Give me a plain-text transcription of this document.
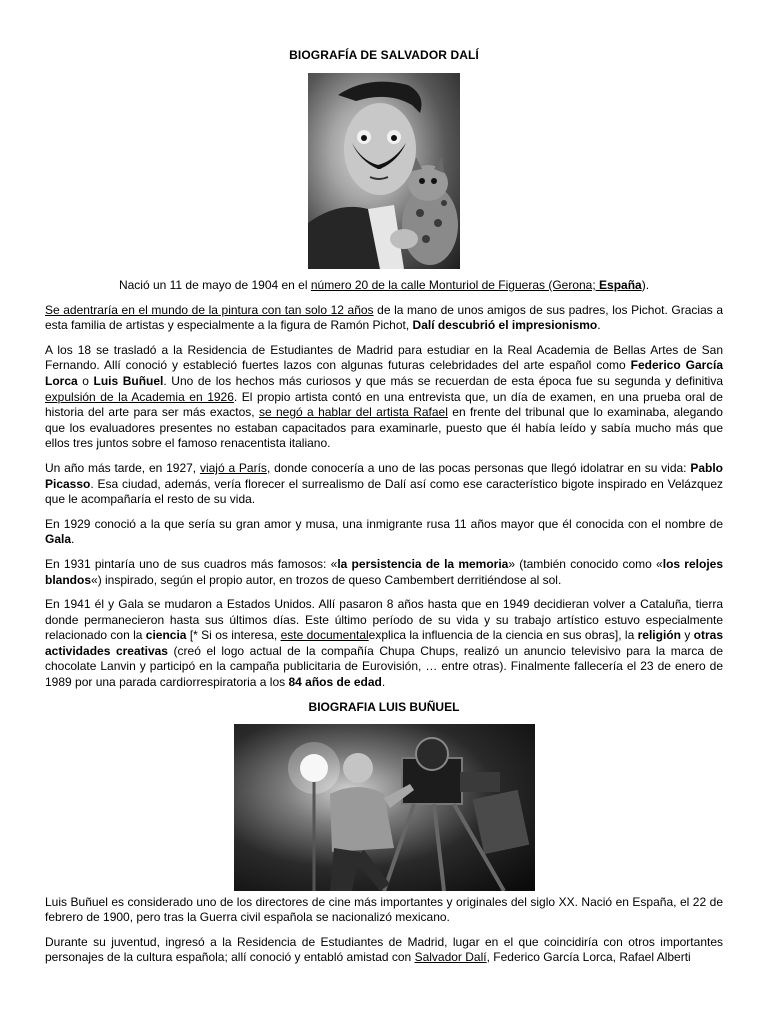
BIOGRAFÍA DE SALVADOR DALÍ

Nació un 11 de mayo de 1904 en el número 20 de la calle Monturiol de Figueras (Gerona; España).

Se adentraría en el mundo de la pintura con tan solo 12 años de la mano de unos amigos de sus padres, los Pichot. Gracias a esta familia de artistas y especialmente a la figura de Ramón Pichot, Dalí descubrió el impresionismo.

A los 18 se trasladó a la Residencia de Estudiantes de Madrid para estudiar en la Real Academia de Bellas Artes de San Fernando. Allí conoció y estableció fuertes lazos con algunas futuras celebridades del arte español como Federico García Lorca o Luis Buñuel. Uno de los hechos más curiosos y que más se recuerdan de esta época fue su segunda y definitiva expulsión de la Academia en 1926. El propio artista contó en una entrevista que, un día de examen, en una prueba oral de historia del arte para ser más exactos, se negó a hablar del artista Rafael en frente del tribunal que lo examinaba, alegando que los evaluadores presentes no estaban capacitados para examinarle, puesto que él había leído y sabía mucho más que ellos tres juntos sobre el famoso renacentista italiano.

Un año más tarde, en 1927, viajó a París, donde conocería a uno de las pocas personas que llegó idolatrar en su vida: Pablo Picasso. Esa ciudad, además, vería florecer el surrealismo de Dalí así como ese característico bigote inspirado en Velázquez que le acompañaría el resto de su vida.

En 1929 conoció a la que sería su gran amor y musa, una inmigrante rusa 11 años mayor que él conocida con el nombre de Gala.

En 1931 pintaría uno de sus cuadros más famosos: «la persistencia de la memoria» (también conocido como «los relojes blandos«) inspirado, según el propio autor, en trozos de queso Cambembert derritiéndose al sol.

En 1941 él y Gala se mudaron a Estados Unidos. Allí pasaron 8 años hasta que en 1949 decidieran volver a Cataluña, tierra donde permanecieron hasta sus últimos días. Este último período de su vida y su trabajo artístico estuvo especialmente relacionado con la ciencia [* Si os interesa, este documentalexplica la influencia de la ciencia en sus obras], la religión y otras actividades creativas (creó el logo actual de la compañía Chupa Chups, realizó un anuncio televisivo para la marca de chocolate Lanvin y participó en la campaña publicitaria de Eurovisión, … entre otras). Finalmente fallecería el 23 de enero de 1989 por una parada cardiorrespiratoria a los 84 años de edad.

BIOGRAFIA LUIS BUÑUEL

Luis Buñuel es considerado uno de los directores de cine más importantes y originales del siglo XX. Nació en España, el 22 de febrero de 1900, pero tras la Guerra civil española se nacionalizó mexicano.

Durante su juventud, ingresó a la Residencia de Estudiantes de Madrid, lugar en el que coincidiría con otros importantes personajes de la cultura española; allí conoció y entabló amistad con Salvador Dalí, Federico García Lorca, Rafael Alberti
